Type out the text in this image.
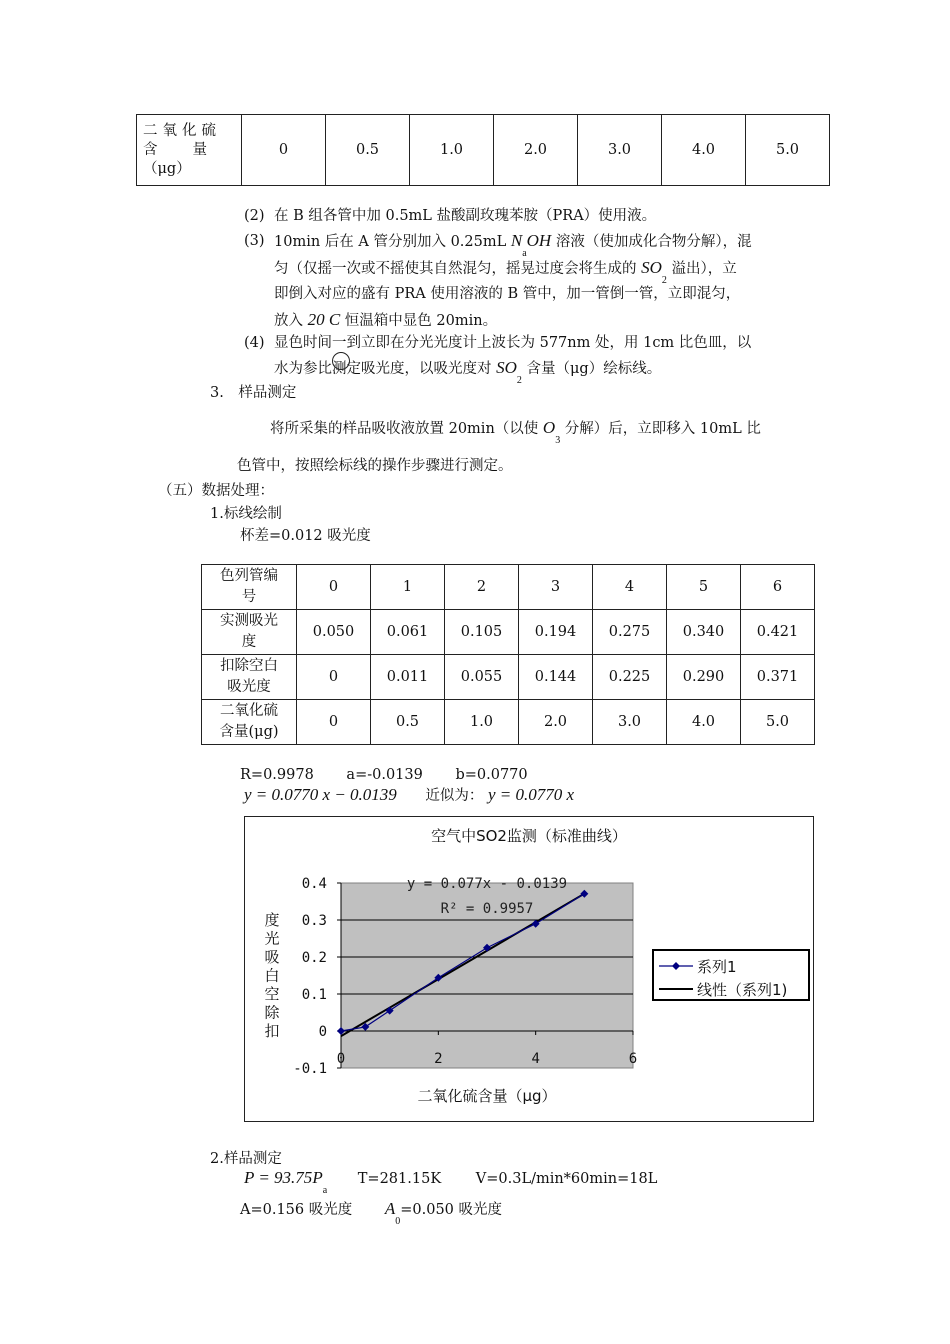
二氧化硫
含　　量
（μg）
	0	0.5	1.0	2.0	3.0	4.0	5.0
(2) 在 B 组各管中加 0.5mL 盐酸副玫瑰苯胺（PRA）使用液。
(3) 10min 后在 A 管分别加入 0.25mL $N_aOH$ 溶液（使加成化合物分解），混
匀（仅摇一次或不摇使其自然混匀，摇晃过度会将生成的 $SO_2$ 溢出），立
即倒入对应的盛有 PRA 使用溶液的 B 管中，加一管倒一管，立即混匀，
放入 20 C 恒温箱中显色 20min。
(4) 显色时间一到立即在分光光度计上波长为 577nm 处，用 1cm 比色皿，以
水为参比测定吸光度，以吸光度对 $SO_2$ 含量（μg）绘标线。
3.　样品测定
将所采集的样品吸收液放置 20min（以使 $O_3$ 分解）后，立即移入 10mL 比
色管中，按照绘标线的操作步骤进行测定。
（五）数据处理：
1.标线绘制
杯差=0.012 吸光度
色列管编
号	0	1	2	3	4	5	6

实测吸光
度	0.050	0.061	0.105	0.194	0.275	0.340	0.421

扣除空白
吸光度	0	0.011	0.055	0.144	0.225	0.290	0.371

二氧化硫
含量(μg)	0	0.5	1.0	2.0	3.0	4.0	5.0
R=0.9978 a=-0.0139 b=0.0770
y = 0.0770 x − 0.0139 近似为： y = 0.0770 x
空气中SO2监测（标准曲线）
0.4
0.3
0.2
0.1
0
-0.1
0	2	4	6
y = 0.077x - 0.0139
R² = 0.9957
度
光
吸
白
空
除
扣
二氧化硫含量（μg）
系列1
线性（系列1)
2.样品测定
$P = 93.75P_a$ T=281.15K V=0.3L/min*60min=18L
A=0.156 吸光度 $A_0=0.050$ 吸光度
